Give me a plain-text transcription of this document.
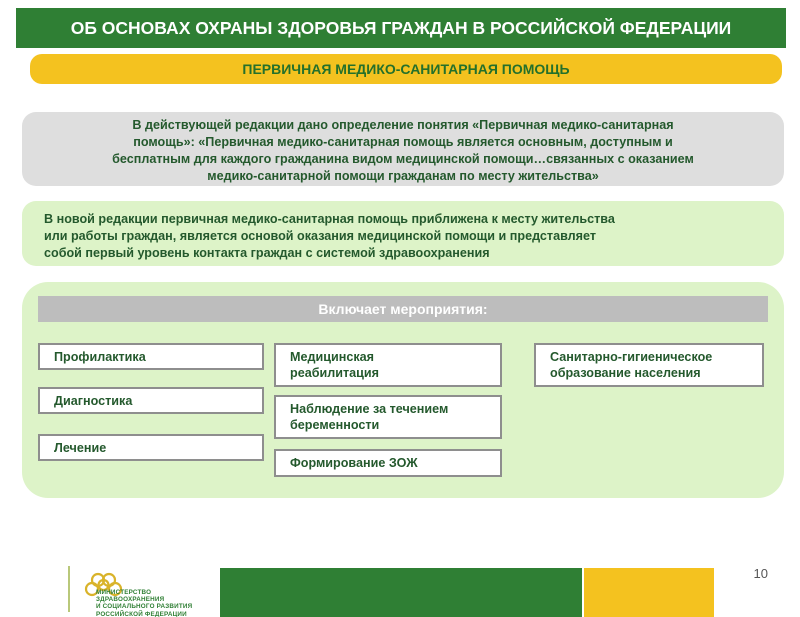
ОБ ОСНОВАХ ОХРАНЫ ЗДОРОВЬЯ ГРАЖДАН В РОССИЙСКОЙ ФЕДЕРАЦИИ
ПЕРВИЧНАЯ МЕДИКО-САНИТАРНАЯ ПОМОЩЬ
В действующей редакции дано определение понятия «Первичная медико-санитарная
помощь»: «Первичная медико-санитарная помощь является основным, доступным и
бесплатным для каждого гражданина видом медицинской помощи…связанных с оказанием
медико-санитарной помощи гражданам по месту жительства»
В новой редакции первичная медико-санитарная помощь приближена к месту жительства
или работы граждан, является основой оказания медицинской помощи и представляет
собой первый уровень контакта граждан с системой здравоохранения
Включает мероприятия:
Профилактика
Диагностика
Лечение
Медицинская
реабилитация
Наблюдение за течением
беременности
Формирование ЗОЖ
Санитарно-гигиеническое
образование населения
МИНИСТЕРСТВО
ЗДРАВООХРАНЕНИЯ
И СОЦИАЛЬНОГО РАЗВИТИЯ
РОССИЙСКОЙ ФЕДЕРАЦИИ
10
